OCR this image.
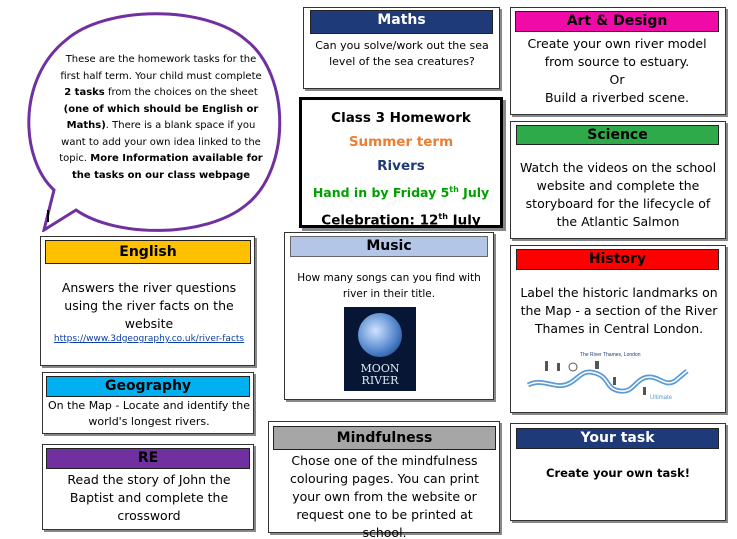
These are the homework tasks for the first half term. Your child must complete 2 tasks from the choices on the sheet (one of which should be English or Maths). There is a blank space if you want to add your own idea linked to the topic. More Information available for the tasks on our class webpage
Maths
Can you solve/work out the sea level of the sea creatures?
Art & Design
Create your own river model
from source to estuary.
Or
Build a riverbed scene.
Class 3 Homework
Summer term
Rivers
Hand in by Friday 5th July
Celebration: 12th July
Science
Watch the videos on the school website and complete the storyboard for the lifecycle of the Atlantic Salmon
English
Answers the river questions using the river facts on the website
https://www.3dgeography.co.uk/river-facts
Music
How many songs can you find with river in their title.
MOON
RIVER
History
Label the historic landmarks on the Map - a section of the River Thames in Central London.
The River Thames, London
Ultimate
Geography
On the Map - Locate and identify the world's longest rivers.
Mindfulness
Chose one of the mindfulness colouring pages. You can print your own from the website or request one to be printed at school.
RE
Read the story of John the Baptist and complete the crossword
Your task
Create your own task!
